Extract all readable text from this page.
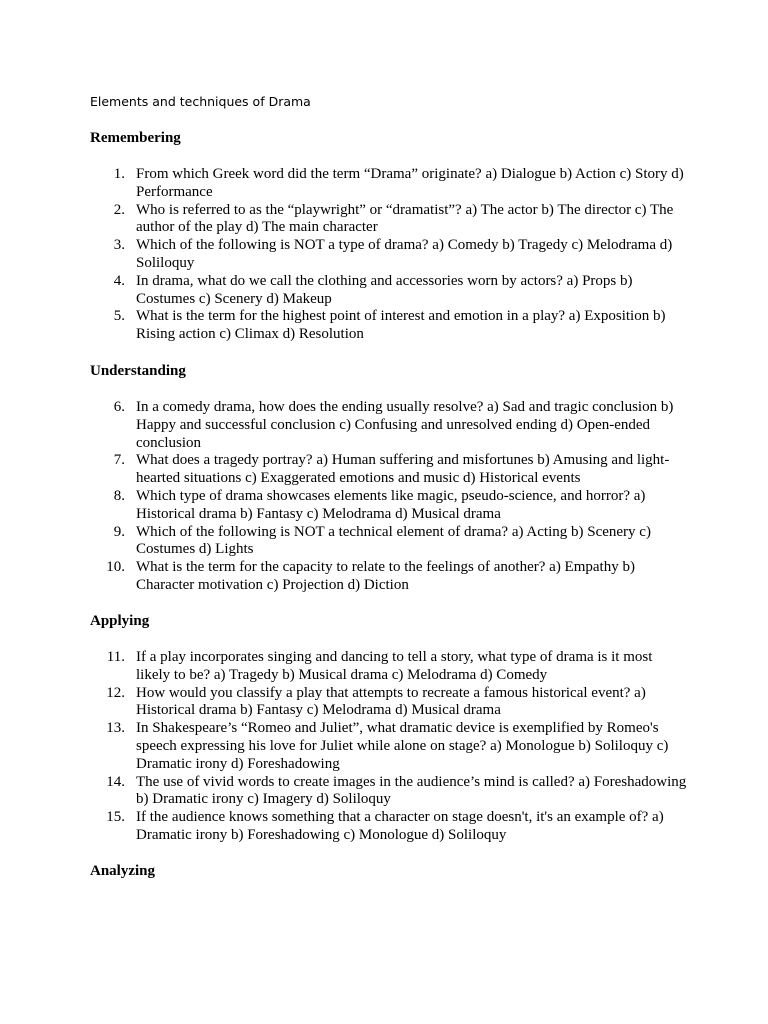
Elements and techniques of Drama
Remembering
1. From which Greek word did the term “Drama” originate? a) Dialogue b) Action c) Story d) Performance
2. Who is referred to as the “playwright” or “dramatist”? a) The actor b) The director c) The author of the play d) The main character
3. Which of the following is NOT a type of drama? a) Comedy b) Tragedy c) Melodrama d) Soliloquy
4. In drama, what do we call the clothing and accessories worn by actors? a) Props b) Costumes c) Scenery d) Makeup
5. What is the term for the highest point of interest and emotion in a play? a) Exposition b) Rising action c) Climax d) Resolution
Understanding
6. In a comedy drama, how does the ending usually resolve? a) Sad and tragic conclusion b) Happy and successful conclusion c) Confusing and unresolved ending d) Open-ended conclusion
7. What does a tragedy portray? a) Human suffering and misfortunes b) Amusing and light-hearted situations c) Exaggerated emotions and music d) Historical events
8. Which type of drama showcases elements like magic, pseudo-science, and horror? a) Historical drama b) Fantasy c) Melodrama d) Musical drama
9. Which of the following is NOT a technical element of drama? a) Acting b) Scenery c) Costumes d) Lights
10. What is the term for the capacity to relate to the feelings of another? a) Empathy b) Character motivation c) Projection d) Diction
Applying
11. If a play incorporates singing and dancing to tell a story, what type of drama is it most likely to be? a) Tragedy b) Musical drama c) Melodrama d) Comedy
12. How would you classify a play that attempts to recreate a famous historical event? a) Historical drama b) Fantasy c) Melodrama d) Musical drama
13. In Shakespeare’s “Romeo and Juliet”, what dramatic device is exemplified by Romeo's speech expressing his love for Juliet while alone on stage? a) Monologue b) Soliloquy c) Dramatic irony d) Foreshadowing
14. The use of vivid words to create images in the audience’s mind is called? a) Foreshadowing b) Dramatic irony c) Imagery d) Soliloquy
15. If the audience knows something that a character on stage doesn't, it's an example of? a) Dramatic irony b) Foreshadowing c) Monologue d) Soliloquy
Analyzing
